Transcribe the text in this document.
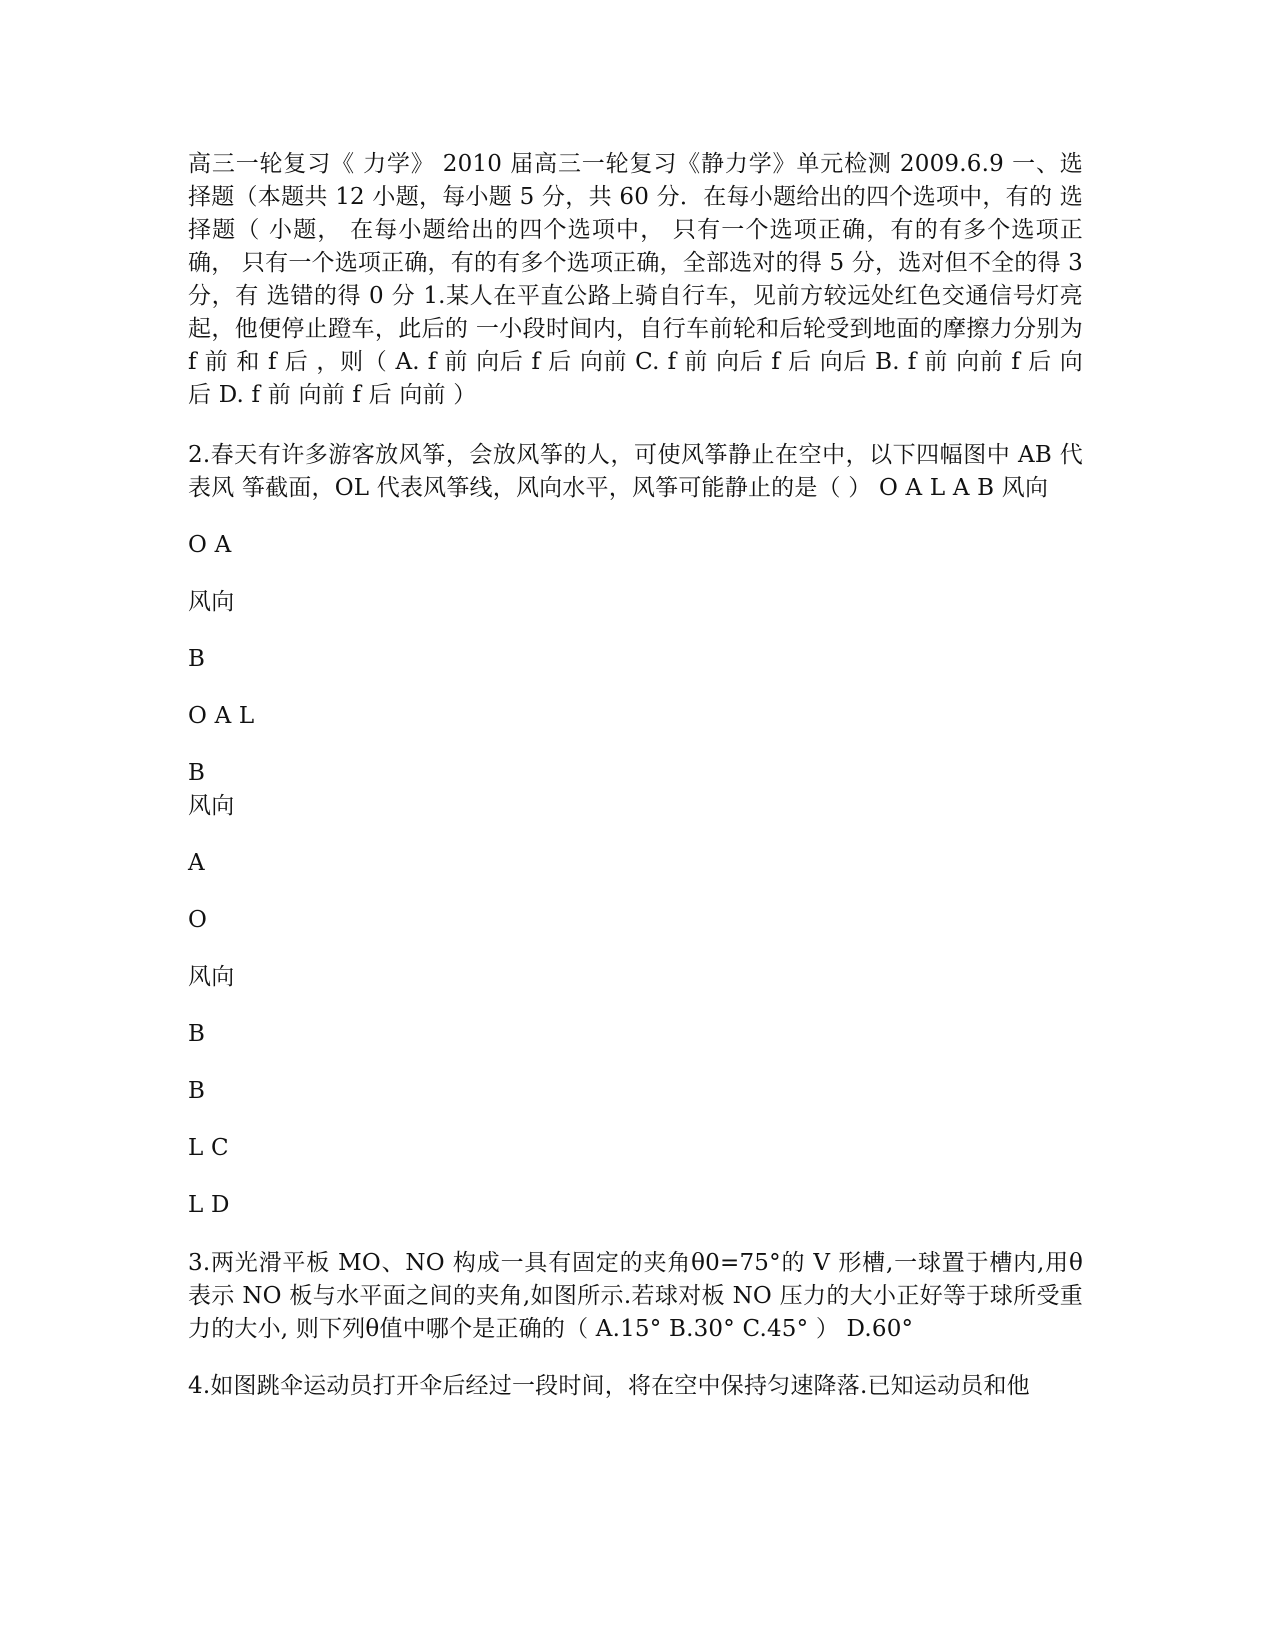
高三一轮复习《 力学》 2010 届高三一轮复习《静力学》单元检测 2009.6.9 一、选择题（本题共 12 小题，每小题 5 分，共 60 分．在每小题给出的四个选项中，有的 选择题（ 小题， 在每小题给出的四个选项中， 只有一个选项正确，有的有多个选项正确， 只有一个选项正确，有的有多个选项正确，全部选对的得 5 分，选对但不全的得 3 分，有 选错的得 0 分 1.某人在平直公路上骑自行车，见前方较远处红色交通信号灯亮起，他便停止蹬车，此后的 一小段时间内，自行车前轮和后轮受到地面的摩擦力分别为 f 前 和 f 后 ，则（ A. f 前 向后 f 后 向前 C. f 前 向后 f 后 向后 B. f 前 向前 f 后 向后 D. f 前 向前 f 后 向前 ）

2.春天有许多游客放风筝，会放风筝的人，可使风筝静止在空中，以下四幅图中 AB 代表风 筝截面，OL 代表风筝线，风向水平，风筝可能静止的是（ ） O A L A B 风向

O A

风向

B

O A L

B

风向

A

O

风向

B

B

L C

L D

3.两光滑平板 MO、NO 构成一具有固定的夹角θ0=75°的 V 形槽,一球置于槽内,用θ表示 NO 板与水平面之间的夹角,如图所示.若球对板 NO 压力的大小正好等于球所受重力的大小, 则下列θ值中哪个是正确的（ A.15° B.30° C.45° ） D.60°

4.如图跳伞运动员打开伞后经过一段时间，将在空中保持匀速降落.已知运动员和他
